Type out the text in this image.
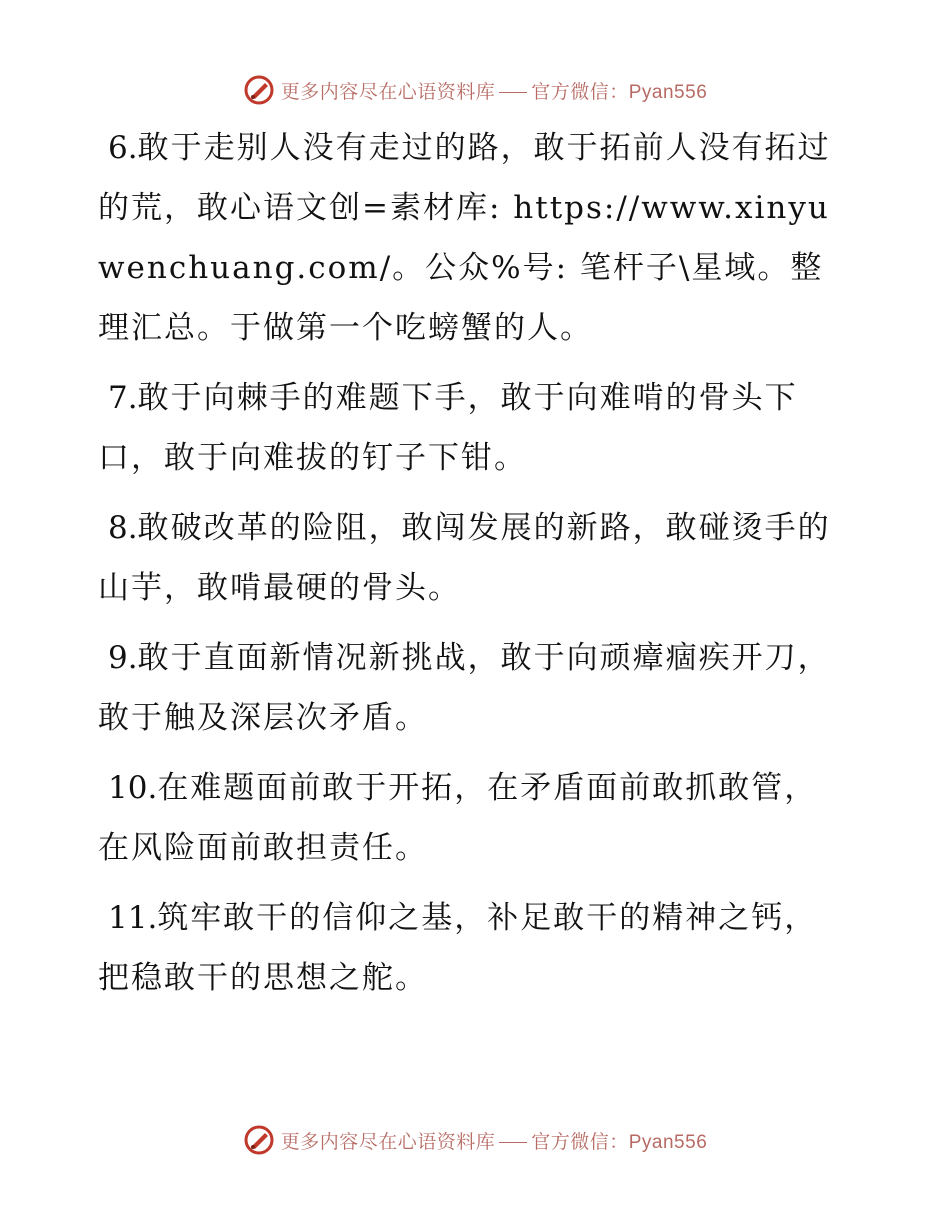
更多内容尽在心语资料库 官方微信：Pyan556

6.敢于走别人没有走过的路，敢于拓前人没有拓过的荒，敢心语文创=素材库: https://www.xinyuwenchuang.com/。公众%号: 笔杆子\星域。整理汇总。于做第一个吃螃蟹的人。

7.敢于向棘手的难题下手，敢于向难啃的骨头下口，敢于向难拔的钉子下钳。

8.敢破改革的险阻，敢闯发展的新路，敢碰烫手的山芋，敢啃最硬的骨头。

9.敢于直面新情况新挑战，敢于向顽瘴痼疾开刀，敢于触及深层次矛盾。

10.在难题面前敢于开拓，在矛盾面前敢抓敢管，在风险面前敢担责任。

11.筑牢敢干的信仰之基，补足敢干的精神之钙，把稳敢干的思想之舵。

更多内容尽在心语资料库 官方微信：Pyan556
